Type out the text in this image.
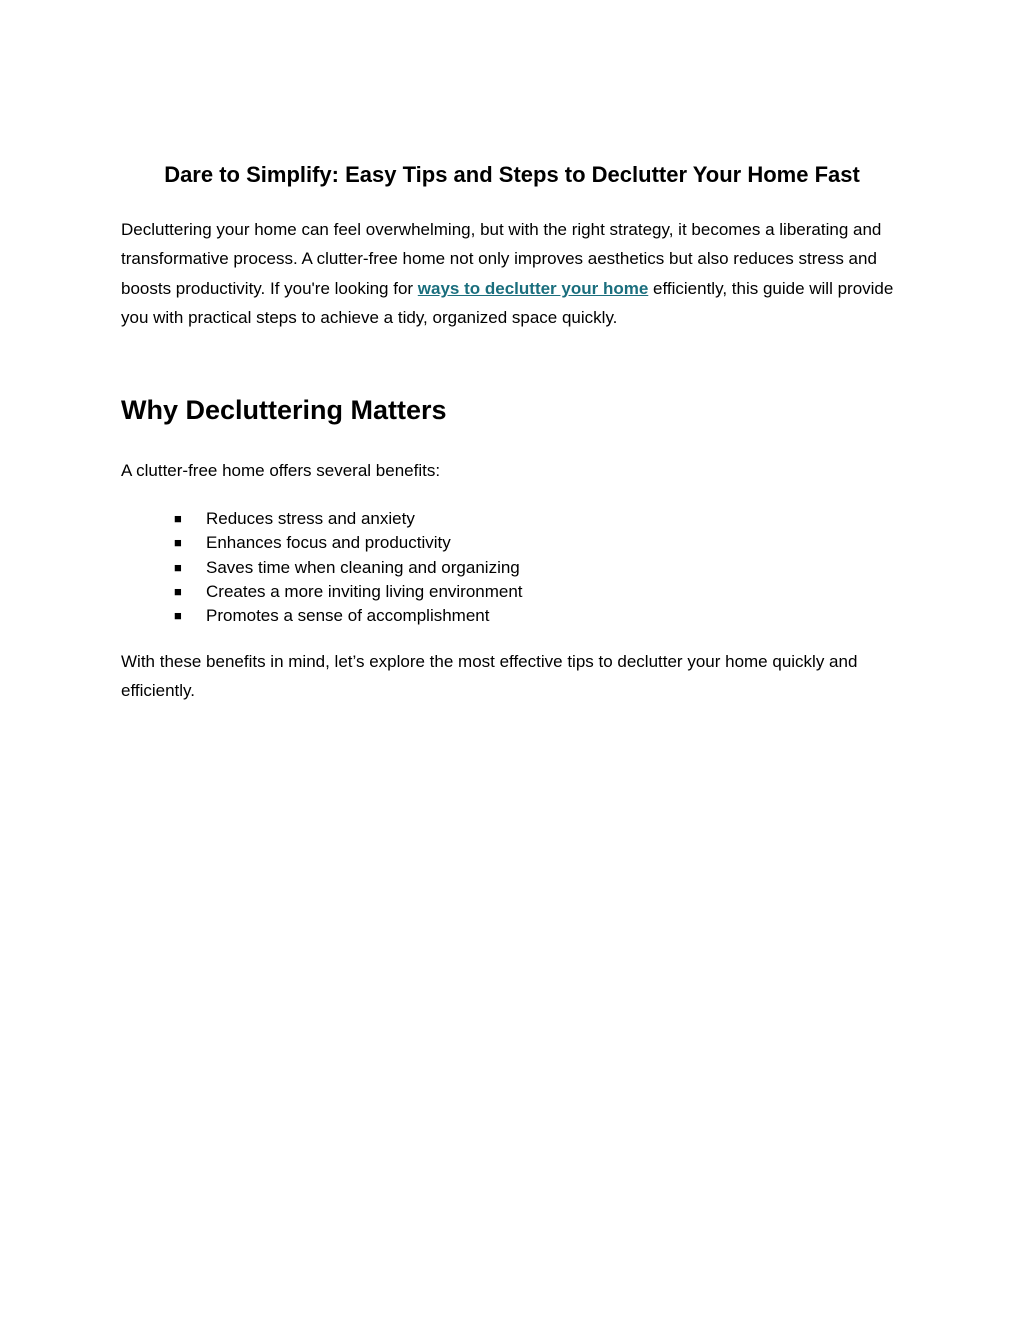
Dare to Simplify: Easy Tips and Steps to Declutter Your Home Fast

Decluttering your home can feel overwhelming, but with the right strategy, it becomes a liberating and transformative process. A clutter-free home not only improves aesthetics but also reduces stress and boosts productivity. If you're looking for ways to declutter your home efficiently, this guide will provide you with practical steps to achieve a tidy, organized space quickly.

Why Decluttering Matters

A clutter-free home offers several benefits:

■ Reduces stress and anxiety
■ Enhances focus and productivity
■ Saves time when cleaning and organizing
■ Creates a more inviting living environment
■ Promotes a sense of accomplishment

With these benefits in mind, let’s explore the most effective tips to declutter your home quickly and efficiently.
